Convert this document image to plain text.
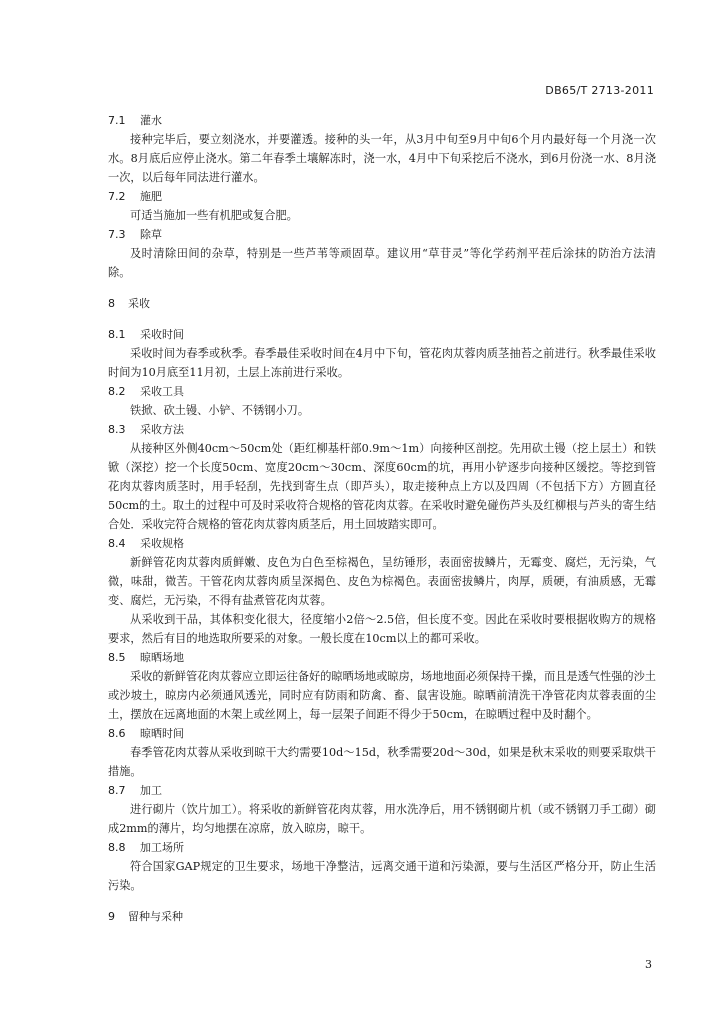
DB65/T 2713-2011
7.1 灌水

接种完毕后，要立刻浇水，并要灌透。接种的头一年，从3月中旬至9月中旬6个月内最好每一个月浇一次水。8月底后应停止浇水。第二年春季土壤解冻时，浇一水，4月中下旬采挖后不浇水，到6月份浇一水、8月浇一次，以后每年同法进行灌水。

7.2 施肥

可适当施加一些有机肥或复合肥。

7.3 除草

及时清除田间的杂草，特别是一些芦苇等顽固草。建议用“草苷灵”等化学药剂平茬后涂抹的防治方法清除。

8 采收
8.1 采收时间

采收时间为春季或秋季。春季最佳采收时间在4月中下旬，管花肉苁蓉肉质茎抽苔之前进行。秋季最佳采收时间为10月底至11月初，土层上冻前进行采收。

8.2 采收工具

铁掀、砍土镘、小铲、不锈钢小刀。

8.3 采收方法

从接种区外侧40cm～50cm处（距红柳基杆部0.9m～1m）向接种区剖挖。先用砍土镘（挖上层土）和铁锨（深挖）挖一个长度50cm、宽度20cm～30cm、深度60cm的坑，再用小铲逐步向接种区缓挖。等挖到管花肉苁蓉肉质茎时，用手轻刮，先找到寄生点（即芦头），取走接种点上方以及四周（不包括下方）方圆直径50cm的土。取土的过程中可及时采收符合规格的管花肉苁蓉。在采收时避免碰伤芦头及红柳根与芦头的寄生结合处．采收完符合规格的管花肉苁蓉肉质茎后，用土回坡踏实即可。

8.4 采收规格

新鲜管花肉苁蓉肉质鲜嫩、皮色为白色至棕褐色，呈纺锤形，表面密拔鳞片，无霉变、腐烂，无污染，气微，味甜，微苦。干管花肉苁蓉肉质呈深揭色、皮色为棕褐色。表面密拔鳞片，肉厚，质硬，有油质感，无霉变、腐烂，无污染，不得有盐煮管花肉苁蓉。

从采收到干品，其体积变化很大，径度缩小2倍～2.5倍，但长度不变。因此在采收时要根据收购方的规格要求，然后有目的地选取所要采的对象。一般长度在10cm以上的都可采收。

8.5 晾晒场地

采收的新鲜管花肉苁蓉应立即运往备好的晾晒场地或晾房，场地地面必须保持干操，而且是透气性强的沙土或沙坡土，晾房内必须通风透光，同时应有防雨和防禽、畜、鼠害设施。晾晒前清洗干净管花肉苁蓉表面的尘土，摆放在远离地面的木架上或丝网上，每一层架子间距不得少于50cm，在晾晒过程中及时翻个。

8.6 晾晒时间

春季管花肉苁蓉从采收到晾干大约需要10d～15d，秋季需要20d～30d，如果是秋末采收的则要采取烘干措施。

8.7 加工

进行砌片（饮片加工）。将采收的新鲜管花肉苁蓉，用水洗净后，用不锈钢砌片机（或不锈钢刀手工砌）砌成2mm的薄片，均匀地摆在凉席，放入晾房，晾干。

8.8 加工场所

符合国家GAP规定的卫生要求，场地干净整洁，远离交通干道和污染源，要与生活区严格分开，防止生活污染。

9 留种与采种
3
